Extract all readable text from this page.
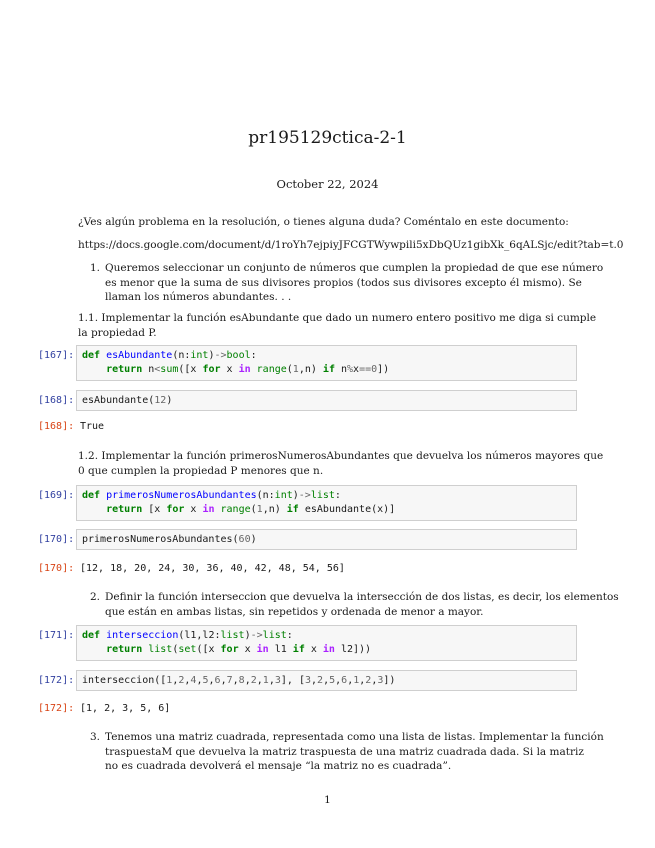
pr195129ctica-2-1
October 22, 2024
¿Ves algún problema en la resolución, o tienes alguna duda? Coméntalo en este documento:
https://docs.google.com/document/d/1roYh7ejpiyJFCGTWywpili5xDbQUz1gibXk_6qALSjc/edit?tab=t.0
1. Queremos seleccionar un conjunto de números que cumplen la propiedad de que ese número
es menor que la suma de sus divisores propios (todos sus divisores excepto él mismo). Se
llaman los números abundantes. . .
1.1. Implementar la función esAbundante que dado un numero entero positivo me diga si cumple
la propiedad P.
[167]: def esAbundante(n:int)->bool:
return n<sum([x for x in range(1,n) if n%x==0])
[168]: esAbundante(12)
[168]: True
1.2. Implementar la función primerosNumerosAbundantes que devuelva los números mayores que
0 que cumplen la propiedad P menores que n.
[169]: def primerosNumerosAbundantes(n:int)->list:
return [x for x in range(1,n) if esAbundante(x)]
[170]: primerosNumerosAbundantes(60)
[170]: [12, 18, 20, 24, 30, 36, 40, 42, 48, 54, 56]
2. Definir la función interseccion que devuelva la intersección de dos listas, es decir, los elementos
que están en ambas listas, sin repetidos y ordenada de menor a mayor.
[171]: def interseccion(l1,l2:list)->list:
return list(set([x for x in l1 if x in l2]))
[172]: interseccion([1,2,4,5,6,7,8,2,1,3], [3,2,5,6,1,2,3])
[172]: [1, 2, 3, 5, 6]
3. Tenemos una matriz cuadrada, representada como una lista de listas. Implementar la función
traspuestaM que devuelva la matriz traspuesta de una matriz cuadrada dada. Si la matriz
no es cuadrada devolverá el mensaje “la matriz no es cuadrada”.
1
